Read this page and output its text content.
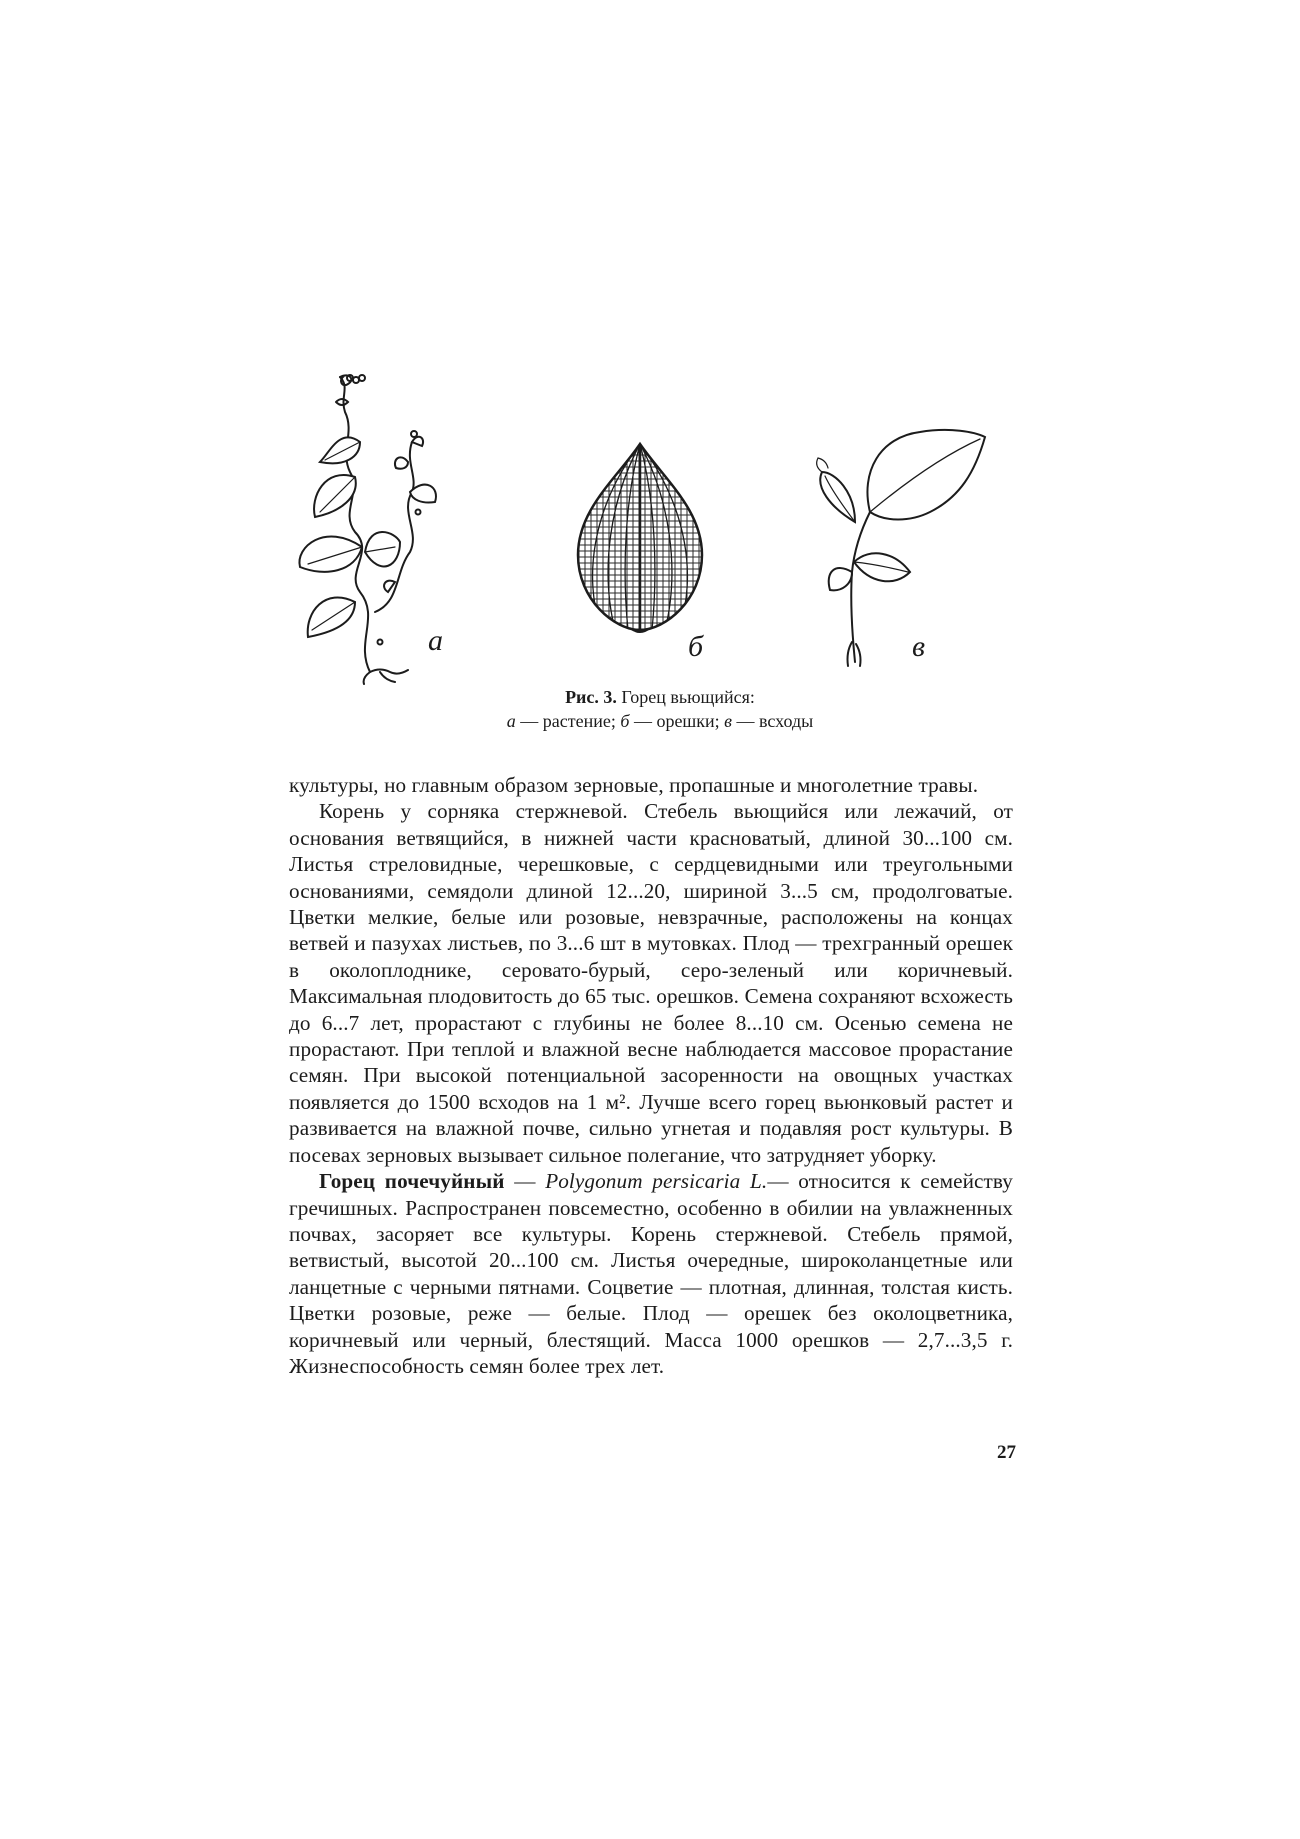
а	б	в
Рис. 3. Горец вьющийся:
а — растение; б — орешки; в — всходы

культуры, но главным образом зерновые, пропашные и многолетние травы.

Корень у сорняка стержневой. Стебель вьющийся или лежачий, от основания ветвящийся, в нижней части красноватый, длиной 30...100 см. Листья стреловидные, черешковые, с сердцевидными или треугольными основаниями, семядоли длиной 12...20, шириной 3...5 см, продолговатые. Цветки мелкие, белые или розовые, невзрачные, расположены на концах ветвей и пазухах листьев, по 3...6 шт в мутовках. Плод — трехгранный орешек в околоплоднике, серовато-бурый, серо-зеленый или коричневый. Максимальная плодовитость до 65 тыс. орешков. Семена сохраняют всхожесть до 6...7 лет, прорастают с глубины не более 8...10 см. Осенью семена не прорастают. При теплой и влажной весне наблюдается массовое прорастание семян. При высокой потенциальной засоренности на овощных участках появляется до 1500 всходов на 1 м². Лучше всего горец вьюнковый растет и развивается на влажной почве, сильно угнетая и подавляя рост культуры. В посевах зерновых вызывает сильное полегание, что затрудняет уборку.

Горец почечуйный — Polygonum persicaria L.— относится к семейству гречишных. Распространен повсеместно, особенно в обилии на увлажненных почвах, засоряет все культуры. Корень стержневой. Стебель прямой, ветвистый, высотой 20...100 см. Листья очередные, широколанцетные или ланцетные с черными пятнами. Соцветие — плотная, длинная, толстая кисть. Цветки розовые, реже — белые. Плод — орешек без околоцветника, коричневый или черный, блестящий. Масса 1000 орешков — 2,7...3,5 г. Жизнеспособность семян более трех лет.

27
